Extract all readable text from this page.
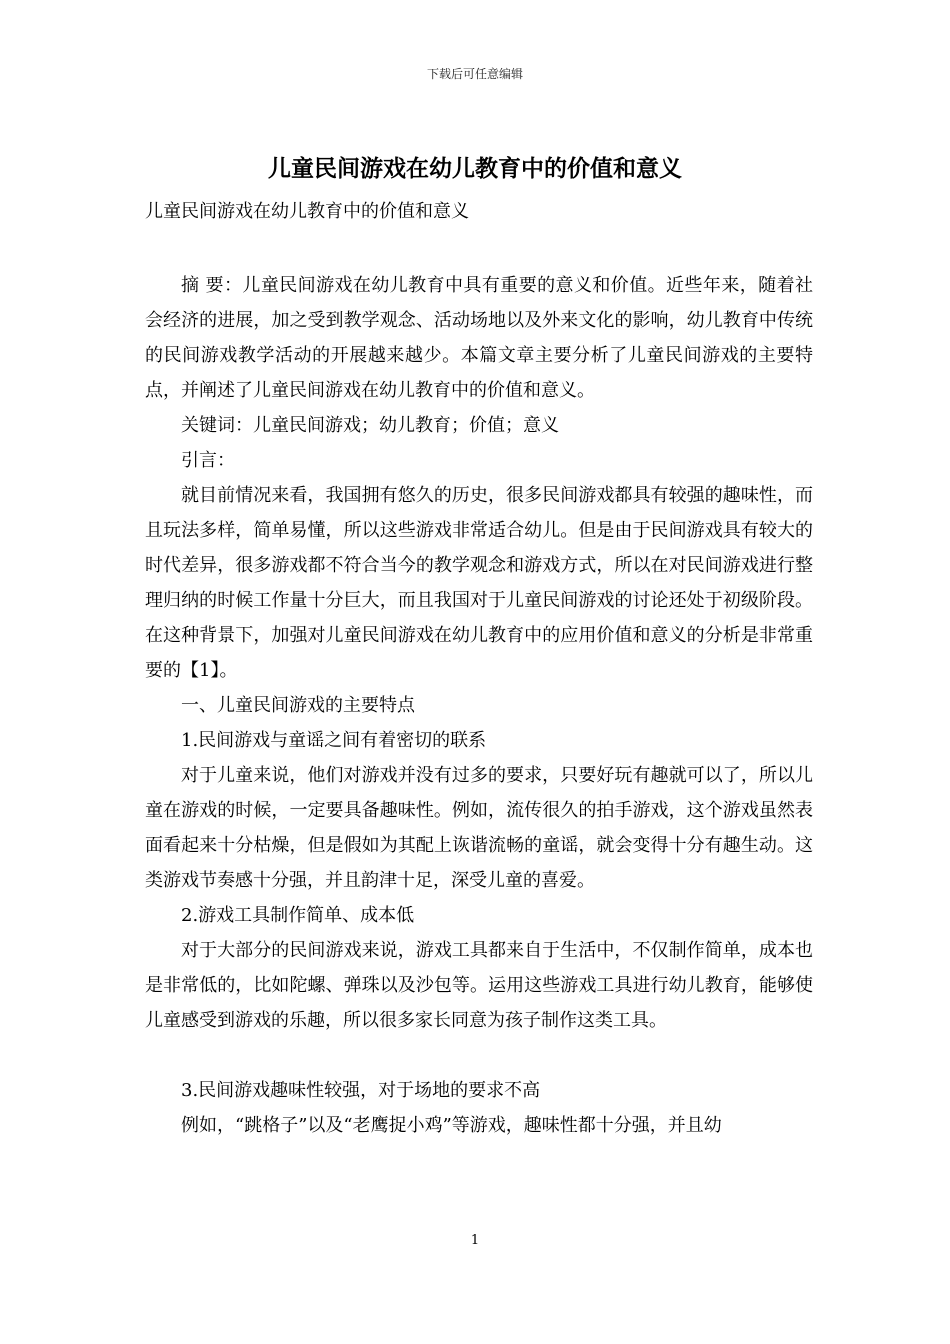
下载后可任意编辑
儿童民间游戏在幼儿教育中的价值和意义
儿童民间游戏在幼儿教育中的价值和意义

摘 要：儿童民间游戏在幼儿教育中具有重要的意义和价值。近些年来，随着社会经济的进展，加之受到教学观念、活动场地以及外来文化的影响，幼儿教育中传统的民间游戏教学活动的开展越来越少。本篇文章主要分析了儿童民间游戏的主要特点，并阐述了儿童民间游戏在幼儿教育中的价值和意义。

关键词：儿童民间游戏；幼儿教育；价值；意义

引言：

就目前情况来看，我国拥有悠久的历史，很多民间游戏都具有较强的趣味性，而且玩法多样，简单易懂，所以这些游戏非常适合幼儿。但是由于民间游戏具有较大的时代差异，很多游戏都不符合当今的教学观念和游戏方式，所以在对民间游戏进行整理归纳的时候工作量十分巨大，而且我国对于儿童民间游戏的讨论还处于初级阶段。在这种背景下，加强对儿童民间游戏在幼儿教育中的应用价值和意义的分析是非常重要的【1】。

一、儿童民间游戏的主要特点

1.民间游戏与童谣之间有着密切的联系

对于儿童来说，他们对游戏并没有过多的要求，只要好玩有趣就可以了，所以儿童在游戏的时候，一定要具备趣味性。例如，流传很久的拍手游戏，这个游戏虽然表面看起来十分枯燥，但是假如为其配上诙谐流畅的童谣，就会变得十分有趣生动。这类游戏节奏感十分强，并且韵津十足，深受儿童的喜爱。

2.游戏工具制作简单、成本低

对于大部分的民间游戏来说，游戏工具都来自于生活中，不仅制作简单，成本也是非常低的，比如陀螺、弹珠以及沙包等。运用这些游戏工具进行幼儿教育，能够使儿童感受到游戏的乐趣，所以很多家长同意为孩子制作这类工具。

3.民间游戏趣味性较强，对于场地的要求不高

例如，“跳格子”以及“老鹰捉小鸡”等游戏，趣味性都十分强，并且幼

1
